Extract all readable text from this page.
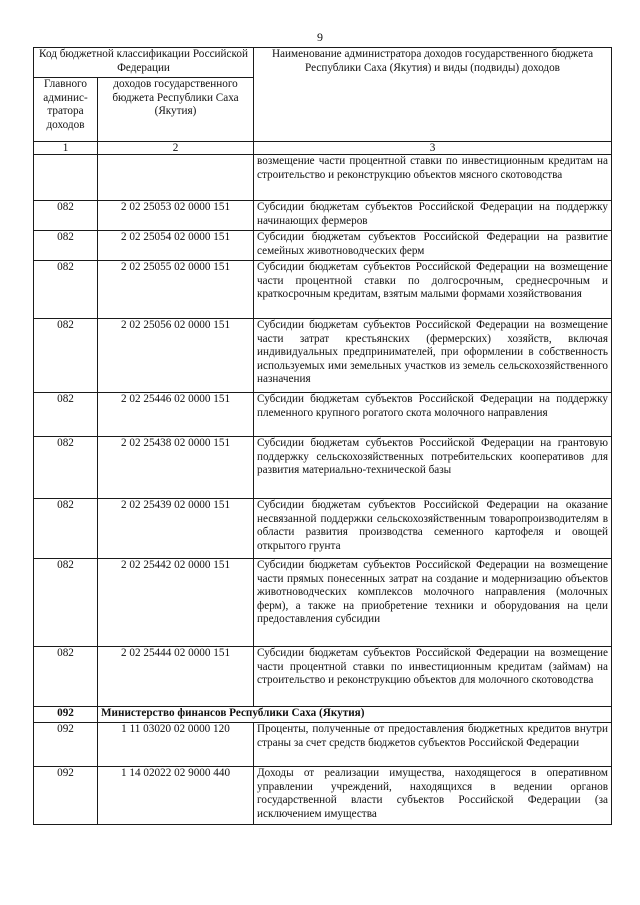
9
Код бюджетной классификации Российской Федерации		Наименование администратора доходов государственного бюджета Республики Саха (Якутия) и виды (подвиды) доходов
Главного админис-тратора доходов	доходов государственного бюджета Республики Саха (Якутия)	
1	2	3
		возмещение части процентной ставки по инвестиционным кредитам на строительство и реконструкцию объектов мясного скотоводства
082	2 02 25053 02 0000 151	Субсидии бюджетам субъектов Российской Федерации на поддержку начинающих фермеров
082	2 02 25054 02 0000 151	Субсидии бюджетам субъектов Российской Федерации на развитие семейных животноводческих ферм
082	2 02 25055 02 0000 151	Субсидии бюджетам субъектов Российской Федерации на возмещение части процентной ставки по долгосрочным, среднесрочным и краткосрочным кредитам, взятым малыми формами хозяйствования
082	2 02 25056 02 0000 151	Субсидии бюджетам субъектов Российской Федерации на возмещение части затрат крестьянских (фермерских) хозяйств, включая индивидуальных предпринимателей, при оформлении в собственность используемых ими земельных участков из земель сельскохозяйственного назначения
082	2 02 25446 02 0000 151	Субсидии бюджетам субъектов Российской Федерации на поддержку племенного крупного рогатого скота молочного направления
082	2 02 25438 02 0000 151	Субсидии бюджетам субъектов Российской Федерации на грантовую поддержку сельскохозяйственных потребительских кооперативов для развития материально-технической базы
082	2 02 25439 02 0000 151	Субсидии бюджетам субъектов Российской Федерации на оказание несвязанной поддержки сельскохозяйственным товаропроизводителям в области развития производства семенного картофеля и овощей открытого грунта
082	2 02 25442 02 0000 151	Субсидии бюджетам субъектов Российской Федерации на возмещение части прямых понесенных затрат на создание и модернизацию объектов животноводческих комплексов молочного направления (молочных ферм), а также на приобретение техники и оборудования на цели предоставления субсидии
082	2 02 25444 02 0000 151	Субсидии бюджетам субъектов Российской Федерации на возмещение части процентной ставки по инвестиционным кредитам (займам) на строительство и реконструкцию объектов для молочного скотоводства
092	Министерство финансов Республики Саха (Якутия)	
092	1 11 03020 02 0000 120	Проценты, полученные от предоставления бюджетных кредитов внутри страны за счет средств бюджетов субъектов Российской Федерации
092	1 14 02022 02 9000 440	Доходы от реализации имущества, находящегося в оперативном управлении учреждений, находящихся в ведении органов государственной власти субъектов Российской Федерации (за исключением имущества
